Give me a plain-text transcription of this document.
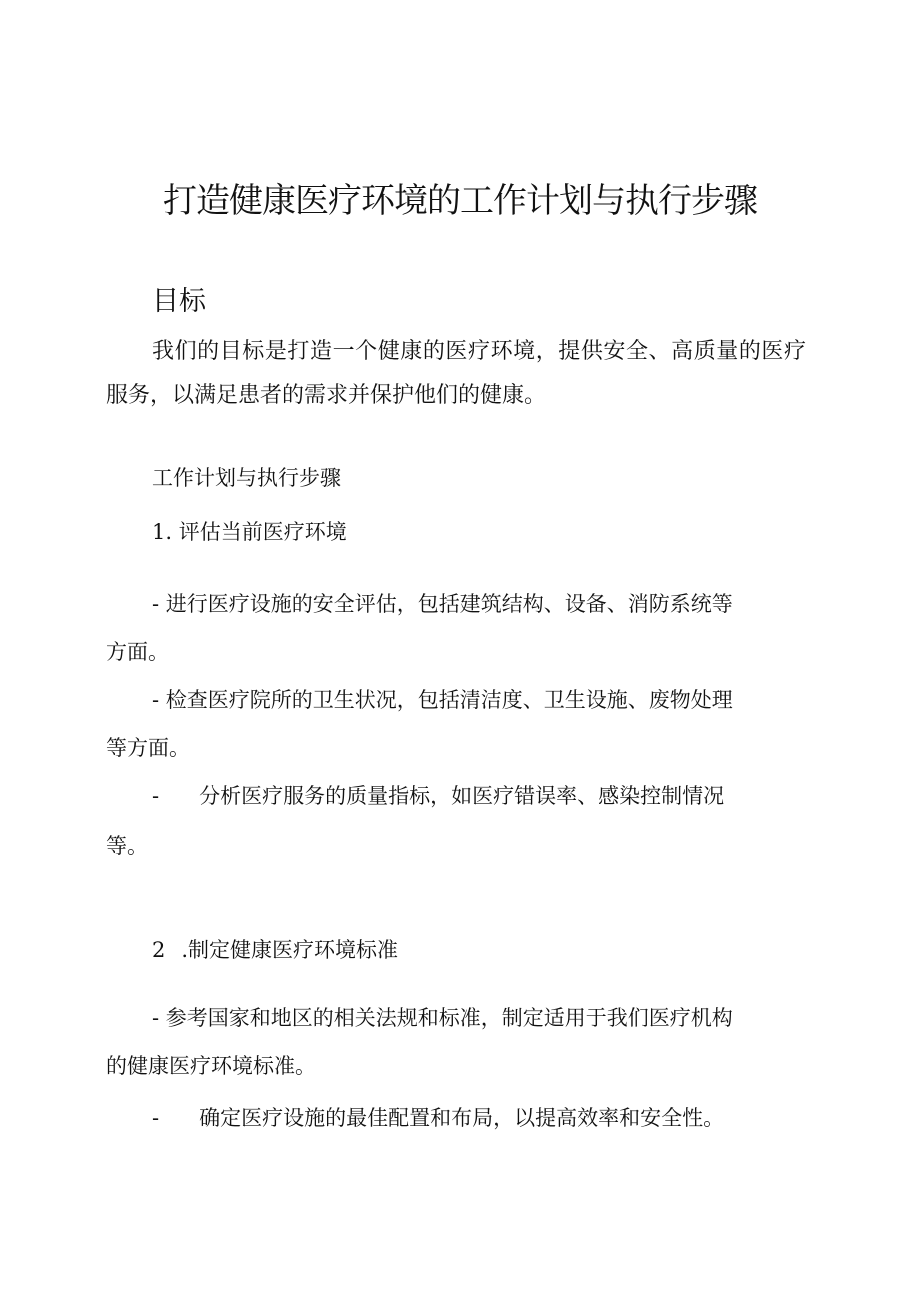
打造健康医疗环境的工作计划与执行步骤
目标

我们的目标是打造一个健康的医疗环境，提供安全、高质量的医疗服务，以满足患者的需求并保护他们的健康。

工作计划与执行步骤
1. 评估当前医疗环境
- 进行医疗设施的安全评估，包括建筑结构、设备、消防系统等
方面。
- 检查医疗院所的卫生状况，包括清洁度、卫生设施、废物处理
等方面。
- 分析医疗服务的质量指标，如医疗错误率、感染控制情况
等。
2 .制定健康医疗环境标准
- 参考国家和地区的相关法规和标准，制定适用于我们医疗机构
的健康医疗环境标准。
- 确定医疗设施的最佳配置和布局，以提高效率和安全性。
